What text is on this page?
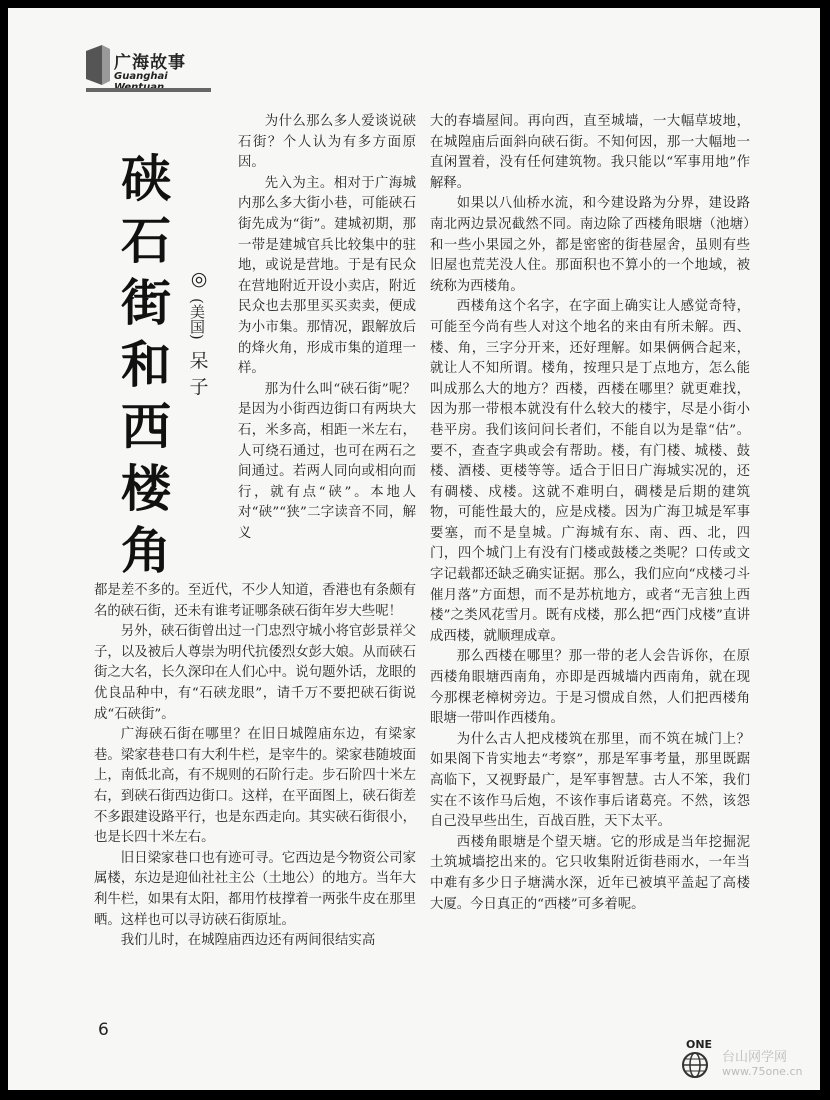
广海故事
Guanghai
硖
石
街
和
西
楼
角
◎
(美国)
呆
子

为什么那么多人爱谈说硖石街？个人认为有多方面原因。

先入为主。相对于广海城内那么多大街小巷，可能硖石街先成为“街”。建城初期，那一带是建城官兵比较集中的驻地，或说是营地。于是有民众在营地附近开设小卖店，附近民众也去那里买买卖卖，便成为小市集。那情况，跟解放后的烽火角，形成市集的道理一样。

那为什么叫“硖石街”呢？是因为小街西边街口有两块大石，米多高，相距一米左右，人可绕石通过，也可在两石之间通过。若两人同向或相向而行，就有点“硖”。本地人对“硖”“狭”二字读音不同，解义

都是差不多的。至近代，不少人知道，香港也有条颇有名的硖石街，还未有谁考证哪条硖石街年岁大些呢！

另外，硖石街曾出过一门忠烈守城小将官彭景祥父子，以及被后人尊崇为明代抗倭烈女彭大娘。从而硖石街之大名，长久深印在人们心中。说句题外话，龙眼的优良品种中，有“石硖龙眼”，请千万不要把硖石街说成“石硖街”。

广海硖石街在哪里？在旧日城隍庙东边，有梁家巷。梁家巷巷口有大利牛栏，是宰牛的。梁家巷随坡面上，南低北高，有不规则的石阶行走。步石阶四十米左右，到硖石街西边街口。这样，在平面图上，硖石街差不多跟建设路平行，也是东西走向。其实硖石街很小，也是长四十米左右。

旧日梁家巷口也有迹可寻。它西边是今物资公司家属楼，东边是迎仙社社主公（土地公）的地方。当年大利牛栏，如果有太阳，都用竹枝撑着一两张牛皮在那里晒。这样也可以寻访硖石街原址。

我们儿时，在城隍庙西边还有两间很结实高

大的春墙屋间。再向西，直至城墙，一大幅草坡地，在城隍庙后面斜向硖石街。不知何因，那一大幅地一直闲置着，没有任何建筑物。我只能以“军事用地”作解释。

如果以八仙桥水流，和今建设路为分界，建设路南北两边景况截然不同。南边除了西楼角眼塘（池塘）和一些小果园之外，都是密密的街巷屋舍，虽则有些旧屋也荒芜没人住。那面积也不算小的一个地域，被统称为西楼角。

西楼角这个名字，在字面上确实让人感觉奇特，可能至今尚有些人对这个地名的来由有所未解。西、楼、角，三字分开来，还好理解。如果俩俩合起来，就让人不知所谓。楼角，按理只是丁点地方，怎么能叫成那么大的地方？西楼，西楼在哪里？就更难找，因为那一带根本就没有什么较大的楼宇，尽是小街小巷平房。我们该问问长者们，不能自以为是靠“估”。要不，查查字典或会有帮助。楼，有门楼、城楼、鼓楼、酒楼、更楼等等。适合于旧日广海城实况的，还有碉楼、戍楼。这就不难明白，碉楼是后期的建筑物，可能性最大的，应是戍楼。因为广海卫城是军事要塞，而不是皇城。广海城有东、南、西、北，四门，四个城门上有没有门楼或鼓楼之类呢？口传或文字记载都还缺乏确实证据。那么，我们应向“戍楼刁斗催月落”方面想，而不是苏杭地方，或者“无言独上西楼”之类风花雪月。既有戍楼，那么把“西门戍楼”直讲成西楼，就顺理成章。

那么西楼在哪里？那一带的老人会告诉你，在原西楼角眼塘西南角，亦即是西城墙内西南角，就在现今那棵老樟树旁边。于是习惯成自然，人们把西楼角眼塘一带叫作西楼角。

为什么古人把戍楼筑在那里，而不筑在城门上？如果阁下肯实地去“考察”，那是军事考量，那里既踞高临下，又视野最广，是军事智慧。古人不笨，我们实在不该作马后炮，不该作事后诸葛亮。不然，该怨自己没早些出生，百战百胜，天下太平。

西楼角眼塘是个望天塘。它的形成是当年挖掘泥土筑城墙挖出来的。它只收集附近街巷雨水，一年当中难有多少日子塘满水深，近年已被填平盖起了高楼大厦。今日真正的“西楼”可多着呢。

6
ONE
台山网学网
www.75one.cn
